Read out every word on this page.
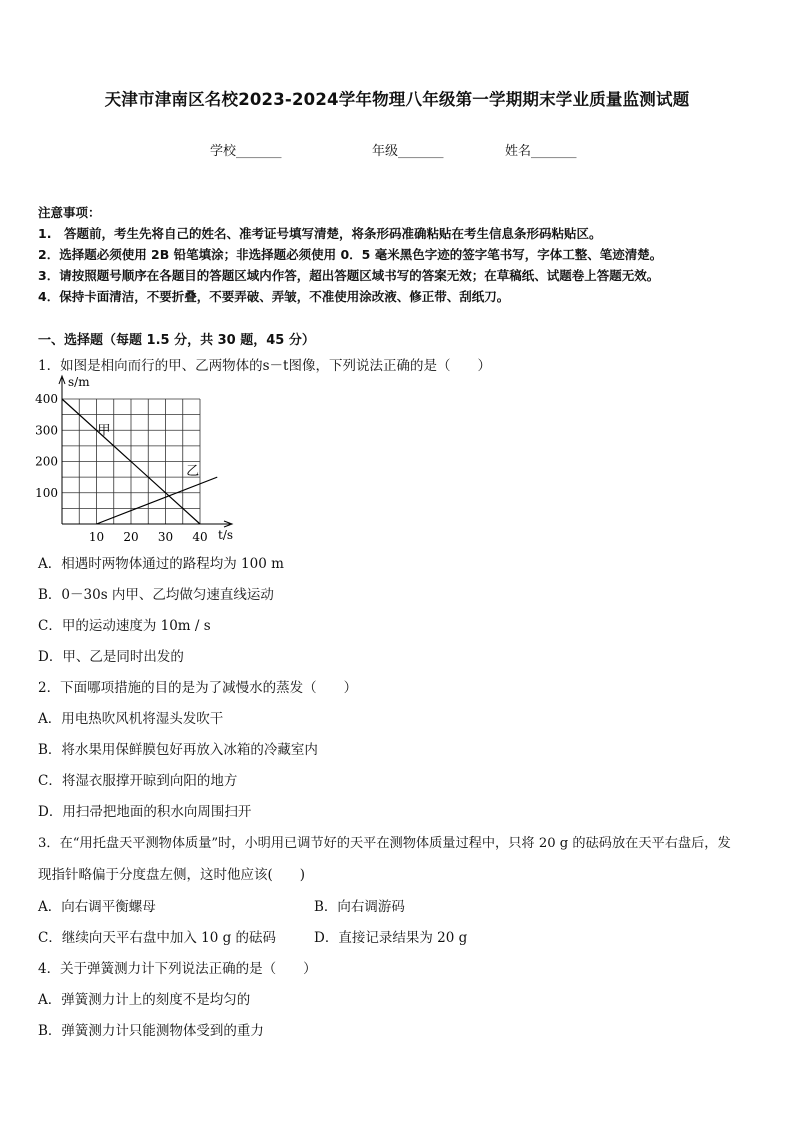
天津市津南区名校2023-2024学年物理八年级第一学期期末学业质量监测试题
学校_______	年级_______	姓名_______
注意事项：
1.　答题前，考生先将自己的姓名、准考证号填写清楚，将条形码准确粘贴在考生信息条形码粘贴区。
2．选择题必须使用 2B 铅笔填涂；非选择题必须使用 0．5 毫米黑色字迹的签字笔书写，字体工整、笔迹清楚。
3．请按照题号顺序在各题目的答题区域内作答，超出答题区域书写的答案无效；在草稿纸、试题卷上答题无效。
4．保持卡面清洁，不要折叠，不要弄破、弄皱，不准使用涂改液、修正带、刮纸刀。
一、选择题（每题 1.5 分，共 30 题，45 分）
1．如图是相向而行的甲、乙两物体的s－t图像，下列说法正确的是（　　）
100
200
300
400
10 20 30 40
s/m
t/s
甲
乙
A．相遇时两物体通过的路程均为 100 m
B．0－30s 内甲、乙均做匀速直线运动
C．甲的运动速度为 10m / s
D．甲、乙是同时出发的
2．下面哪项措施的目的是为了减慢水的蒸发（　　）
A．用电热吹风机将湿头发吹干
B．将水果用保鲜膜包好再放入冰箱的冷藏室内
C．将湿衣服撑开晾到向阳的地方
D．用扫帚把地面的积水向周围扫开
3．在“用托盘天平测物体质量”时，小明用已调节好的天平在测物体质量过程中，只将 20 g 的砝码放在天平右盘后，发
现指针略偏于分度盘左侧，这时他应该(　　)
A．向右调平衡螺母	B．向右调游码
C．继续向天平右盘中加入 10 g 的砝码	D．直接记录结果为 20 g
4．关于弹簧测力计下列说法正确的是（　　）
A．弹簧测力计上的刻度不是均匀的
B．弹簧测力计只能测物体受到的重力
